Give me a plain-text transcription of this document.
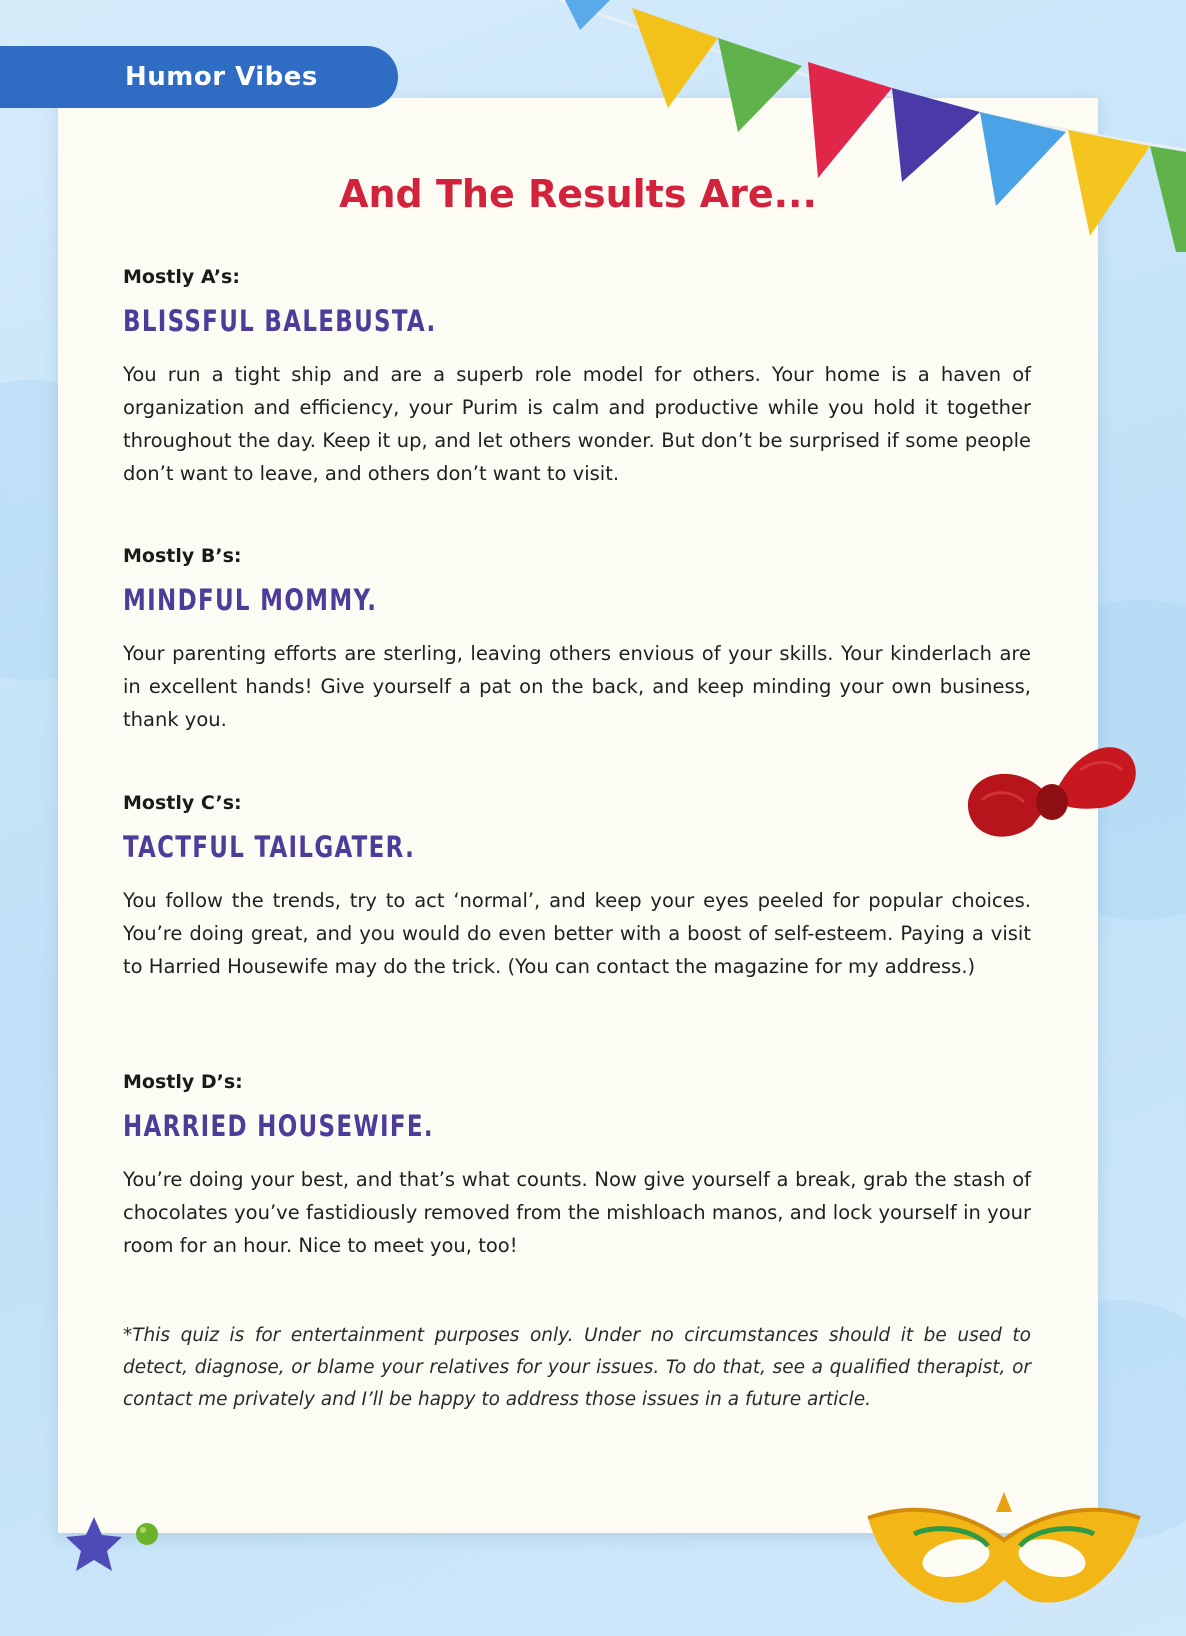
Humor Vibes
And The Results Are...

Mostly A’s:

BLISSFUL BALEBUSTA.

You run a tight ship and are a superb role model for others. Your home is a haven of organization and efficiency, your Purim is calm and productive while you hold it together throughout the day. Keep it up, and let others wonder. But don’t be surprised if some people don’t want to leave, and others don’t want to visit.

Mostly B’s:

MINDFUL MOMMY.

Your parenting efforts are sterling, leaving others envious of your skills. Your kinderlach are in excellent hands! Give yourself a pat on the back, and keep minding your own business, thank you.

Mostly C’s:

TACTFUL TAILGATER.

You follow the trends, try to act ‘normal’, and keep your eyes peeled for popular choices. You’re doing great, and you would do even better with a boost of self-esteem. Paying a visit to Harried Housewife may do the trick. (You can contact the magazine for my address.)

Mostly D’s:

HARRIED HOUSEWIFE.

You’re doing your best, and that’s what counts. Now give yourself a break, grab the stash of chocolates you’ve fastidiously removed from the mishloach manos, and lock yourself in your room for an hour. Nice to meet you, too!

*This quiz is for entertainment purposes only. Under no circumstances should it be used to detect, diagnose, or blame your relatives for your issues. To do that, see a qualified therapist, or contact me privately and I’ll be happy to address those issues in a future article.
